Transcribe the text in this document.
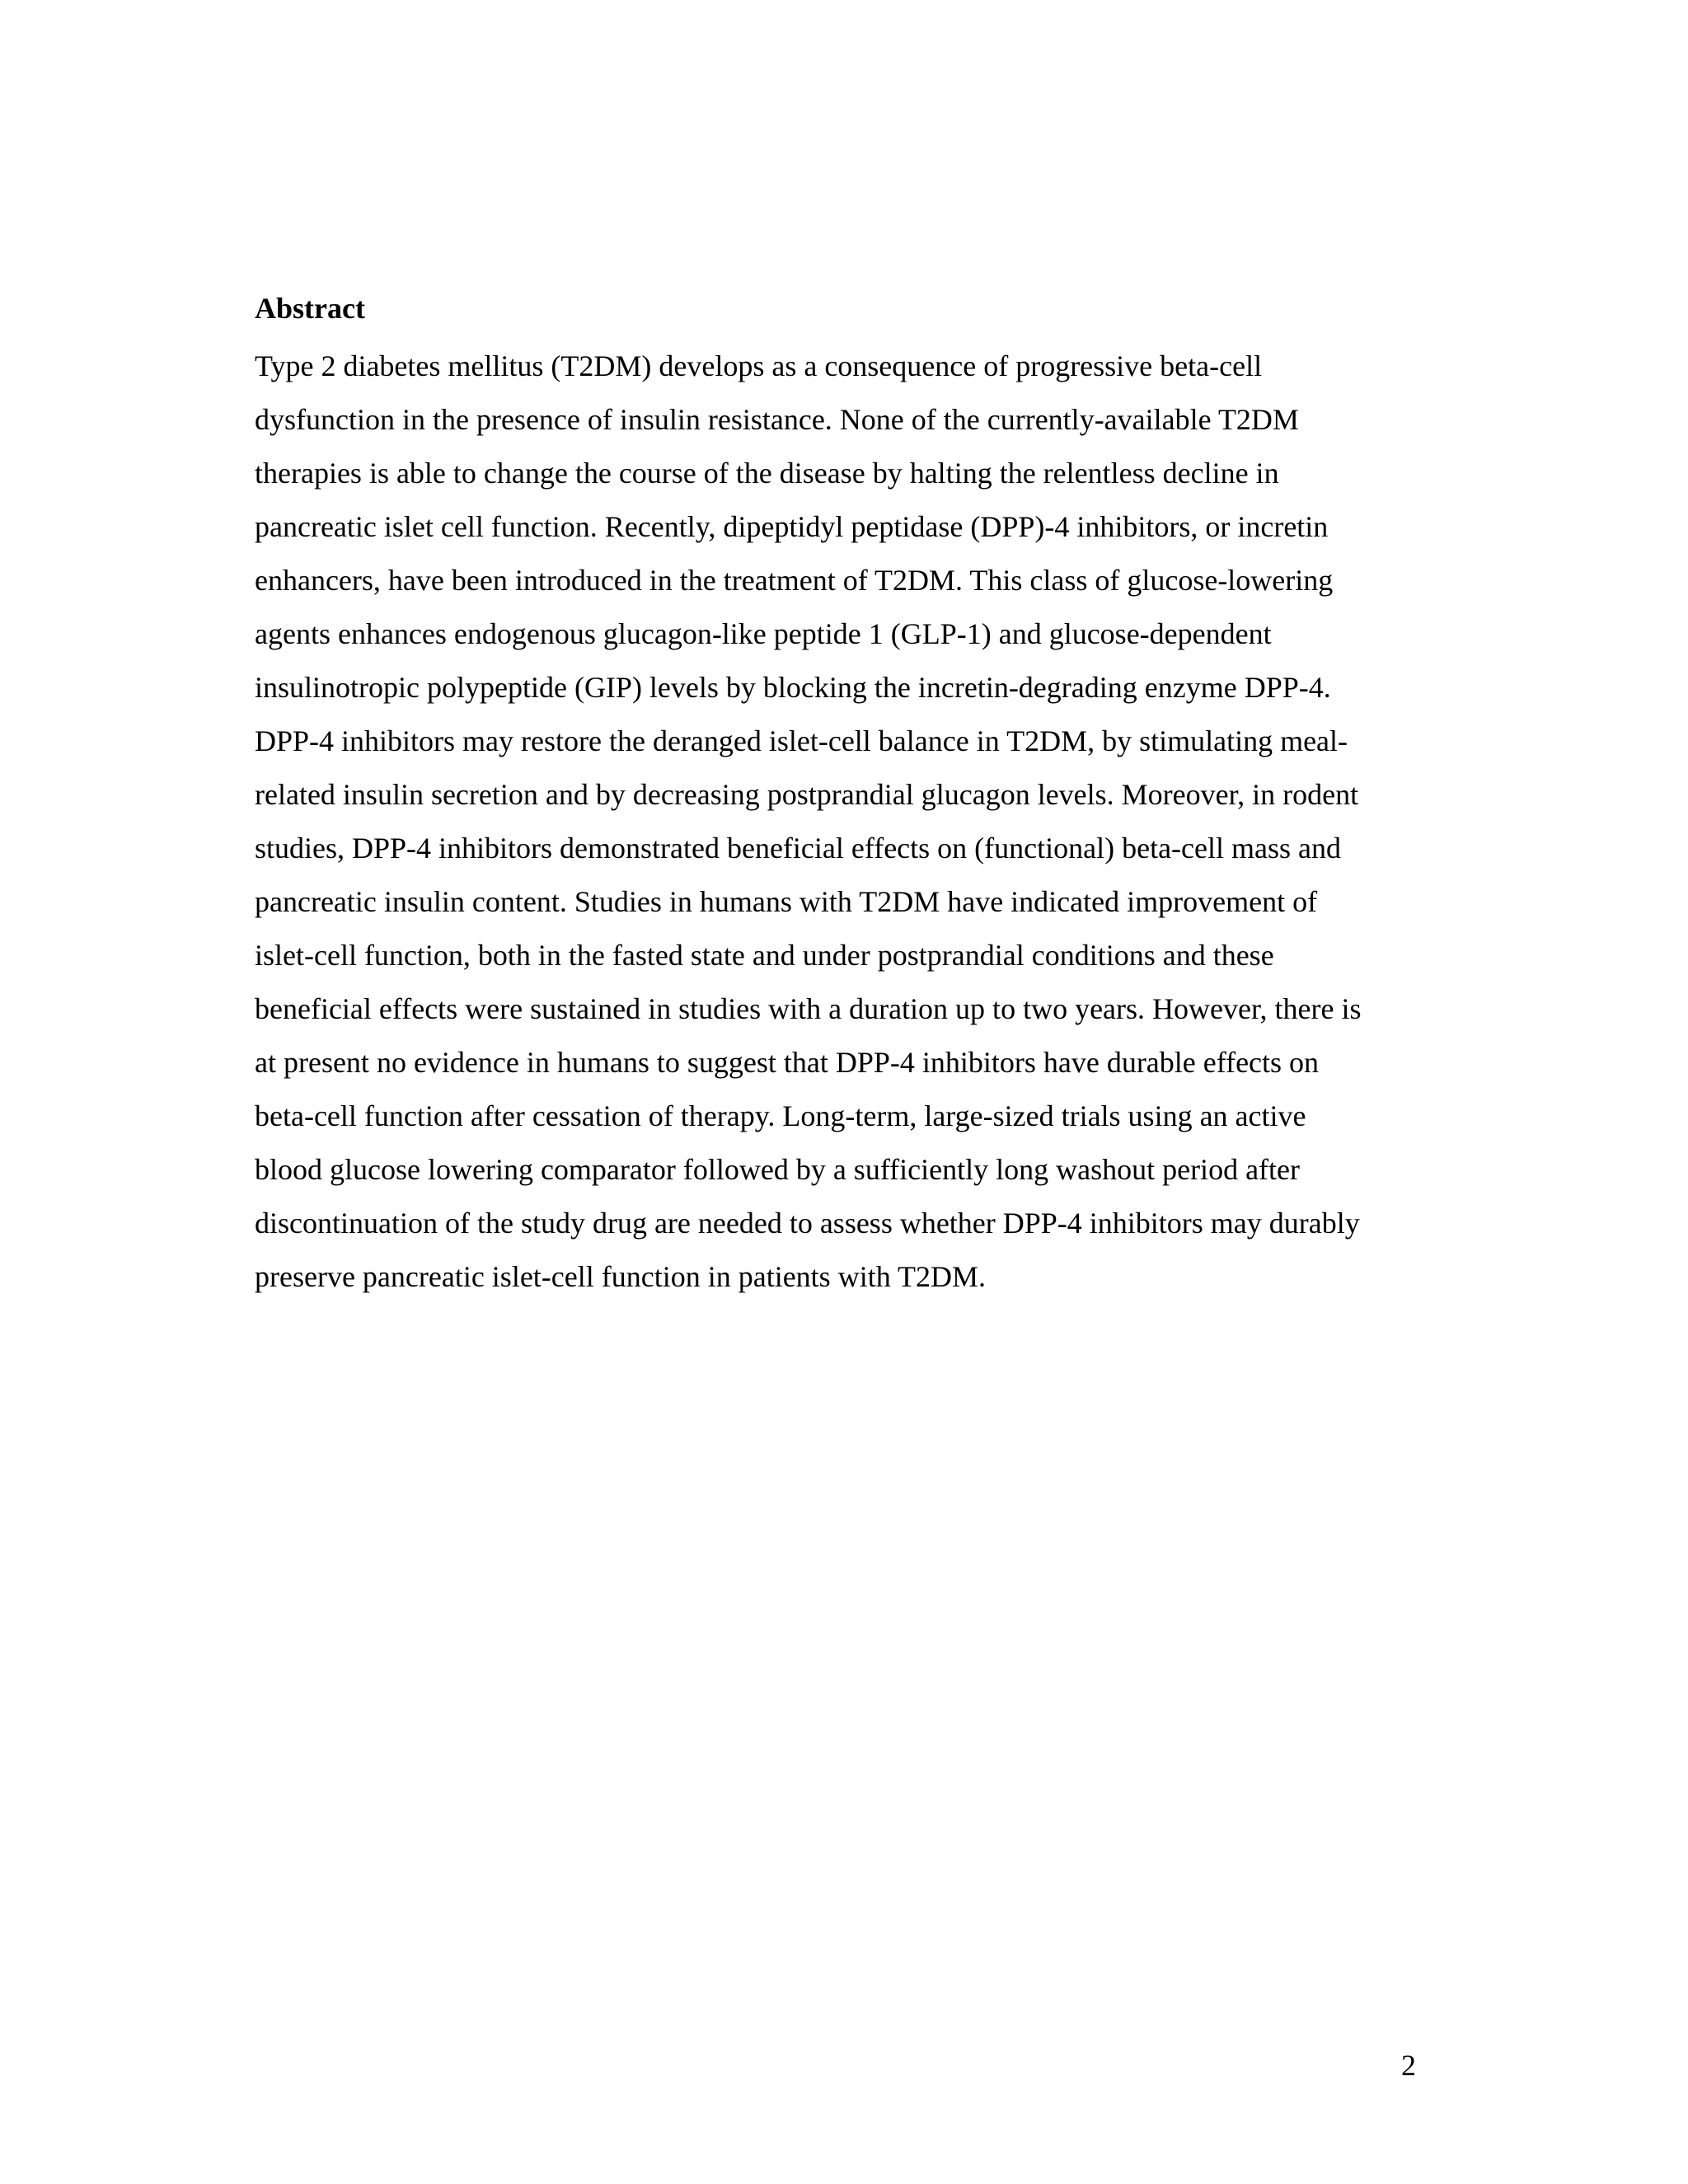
Abstract

Type 2 diabetes mellitus (T2DM) develops as a consequence of progressive beta-cell
dysfunction in the presence of insulin resistance. None of the currently-available T2DM
therapies is able to change the course of the disease by halting the relentless decline in
pancreatic islet cell function. Recently, dipeptidyl peptidase (DPP)-4 inhibitors, or incretin
enhancers, have been introduced in the treatment of T2DM. This class of glucose-lowering
agents enhances endogenous glucagon-like peptide 1 (GLP-1) and glucose-dependent
insulinotropic polypeptide (GIP) levels by blocking the incretin-degrading enzyme DPP-4.
DPP-4 inhibitors may restore the deranged islet-cell balance in T2DM, by stimulating meal-
related insulin secretion and by decreasing postprandial glucagon levels. Moreover, in rodent
studies, DPP-4 inhibitors demonstrated beneficial effects on (functional) beta-cell mass and
pancreatic insulin content. Studies in humans with T2DM have indicated improvement of
islet-cell function, both in the fasted state and under postprandial conditions and these
beneficial effects were sustained in studies with a duration up to two years. However, there is
at present no evidence in humans to suggest that DPP-4 inhibitors have durable effects on
beta-cell function after cessation of therapy. Long-term, large-sized trials using an active
blood glucose lowering comparator followed by a sufficiently long washout period after
discontinuation of the study drug are needed to assess whether DPP-4 inhibitors may durably
preserve pancreatic islet-cell function in patients with T2DM.

2
